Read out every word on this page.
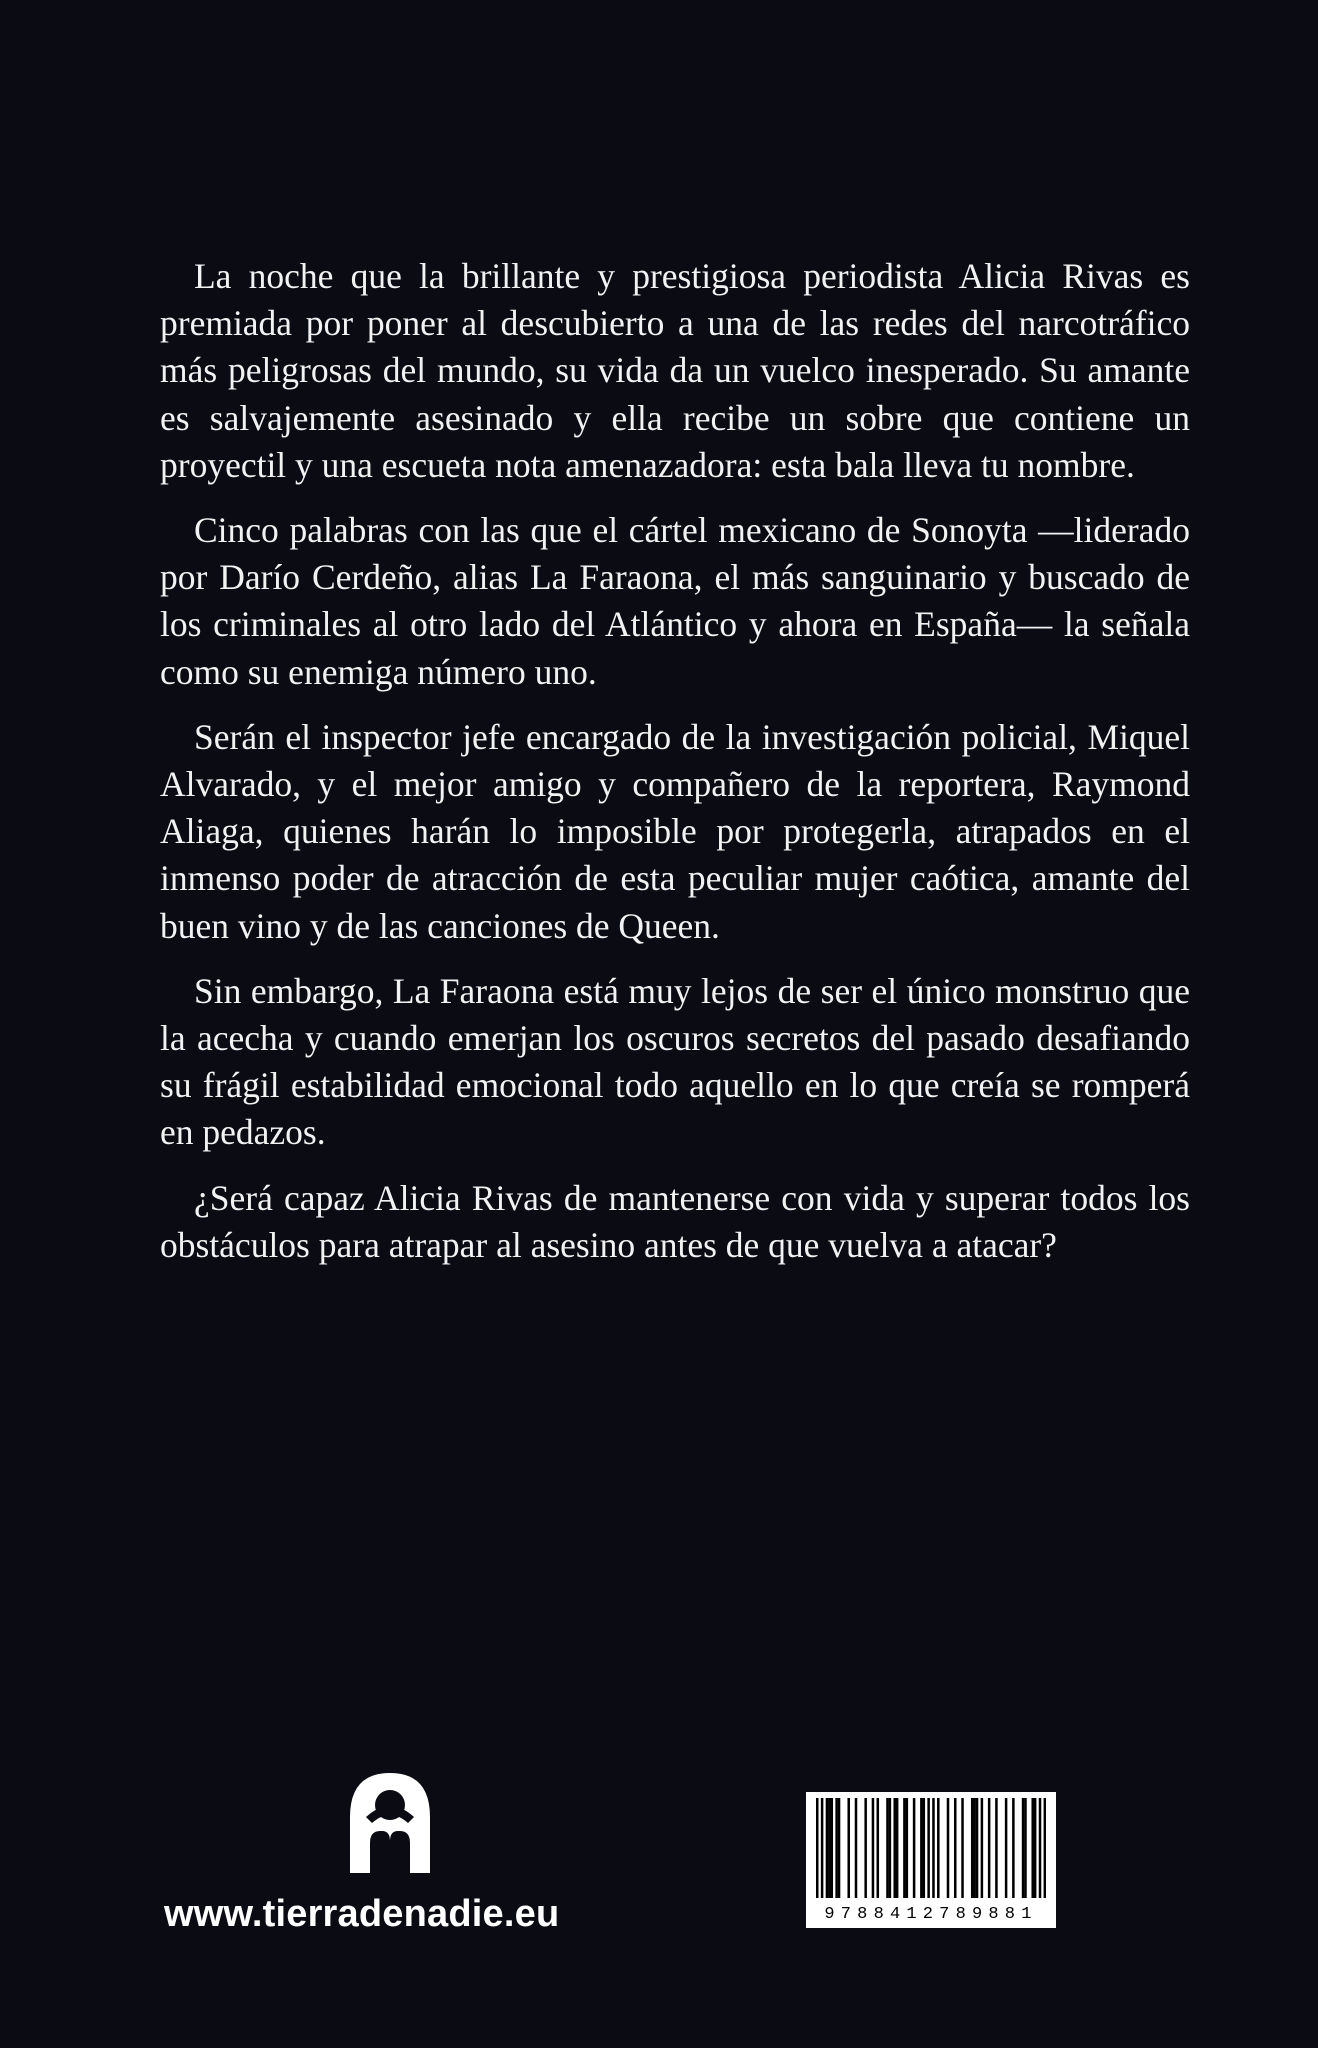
La noche que la brillante y prestigiosa periodista Alicia Rivas es premiada por poner al descubierto a una de las redes del narcotráfico más peligrosas del mundo, su vida da un vuelco inesperado. Su amante es salvajemente asesinado y ella recibe un sobre que contiene un proyectil y una escueta nota amenazadora: esta bala lleva tu nombre.

Cinco palabras con las que el cártel mexicano de Sonoyta —liderado por Darío Cerdeño, alias La Faraona, el más sanguinario y buscado de los criminales al otro lado del Atlántico y ahora en España— la señala como su enemiga número uno.

Serán el inspector jefe encargado de la investigación policial, Miquel Alvarado, y el mejor amigo y compañero de la reportera, Raymond Aliaga, quienes harán lo imposible por protegerla, atrapados en el inmenso poder de atracción de esta peculiar mujer caótica, amante del buen vino y de las canciones de Queen.

Sin embargo, La Faraona está muy lejos de ser el único monstruo que la acecha y cuando emerjan los oscuros secretos del pasado desafiando su frágil estabilidad emocional todo aquello en lo que creía se romperá en pedazos.

¿Será capaz Alicia Rivas de mantenerse con vida y superar todos los obstáculos para atrapar al asesino antes de que vuelva a atacar?

www.tierradenadie.eu	9788412789881
